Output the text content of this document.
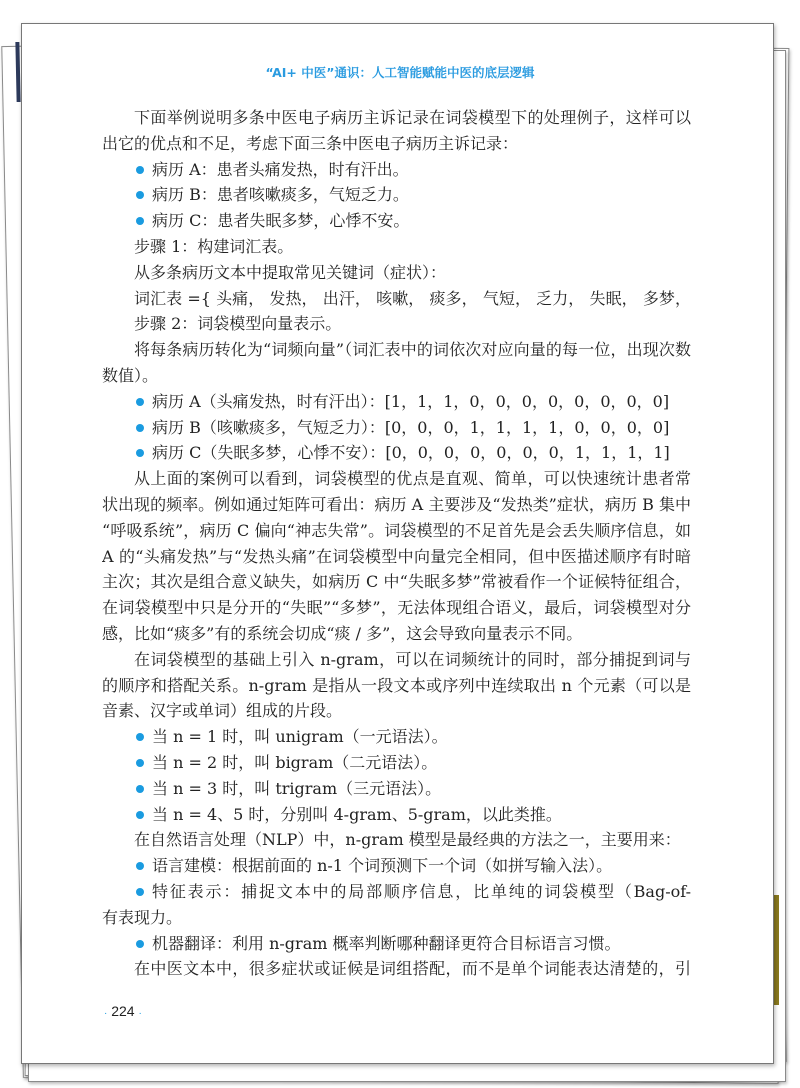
“AI+ 中医”通识：人工智能赋能中医的底层逻辑
下面举例说明多条中医电子病历主诉记录在词袋模型下的处理例子，这样可以
出它的优点和不足，考虑下面三条中医电子病历主诉记录：
病历 A：患者头痛发热，时有汗出。
病历 B：患者咳嗽痰多，气短乏力。
病历 C：患者失眠多梦，心悸不安。
步骤 1：构建词汇表。
从多条病历文本中提取常见关键词（症状）：
词汇表 ={ 头痛， 发热， 出汗， 咳嗽， 痰多， 气短， 乏力， 失眠， 多梦，
步骤 2：词袋模型向量表示。
将每条病历转化为“词频向量”（词汇表中的词依次对应向量的每一位，出现次数
数值）。
病历 A（头痛发热，时有汗出）：[1，1，1，0，0，0，0，0，0，0，0]
病历 B（咳嗽痰多，气短乏力）：[0，0，0，1，1，1，1，0，0，0，0]
病历 C（失眠多梦，心悸不安）：[0，0，0，0，0，0，0，1，1，1，1]
从上面的案例可以看到，词袋模型的优点是直观、简单，可以快速统计患者常
状出现的频率。例如通过矩阵可看出：病历 A 主要涉及“发热类”症状，病历 B 集中
“呼吸系统”，病历 C 偏向“神志失常”。词袋模型的不足首先是会丢失顺序信息，如
A 的“头痛发热”与“发热头痛”在词袋模型中向量完全相同，但中医描述顺序有时暗
主次；其次是组合意义缺失，如病历 C 中“失眠多梦”常被看作一个证候特征组合，
在词袋模型中只是分开的“失眠”“多梦”，无法体现组合语义，最后，词袋模型对分
感，比如“痰多”有的系统会切成“痰 / 多”，这会导致向量表示不同。
在词袋模型的基础上引入 n-gram，可以在词频统计的同时，部分捕捉到词与
的顺序和搭配关系。n-gram 是指从一段文本或序列中连续取出 n 个元素（可以是
音素、汉字或单词）组成的片段。
当 n = 1 时，叫 unigram（一元语法）。
当 n = 2 时，叫 bigram（二元语法）。
当 n = 3 时，叫 trigram（三元语法）。
当 n = 4、5 时，分别叫 4-gram、5-gram，以此类推。
在自然语言处理（NLP）中，n-gram 模型是最经典的方法之一，主要用来：
语言建模：根据前面的 n-1 个词预测下一个词（如拼写输入法）。
特征表示：捕捉文本中的局部顺序信息，比单纯的词袋模型（Bag-of-
有表现力。
机器翻译：利用 n-gram 概率判断哪种翻译更符合目标语言习惯。
在中医文本中，很多症状或证候是词组搭配，而不是单个词能表达清楚的，引
· 224 ·
